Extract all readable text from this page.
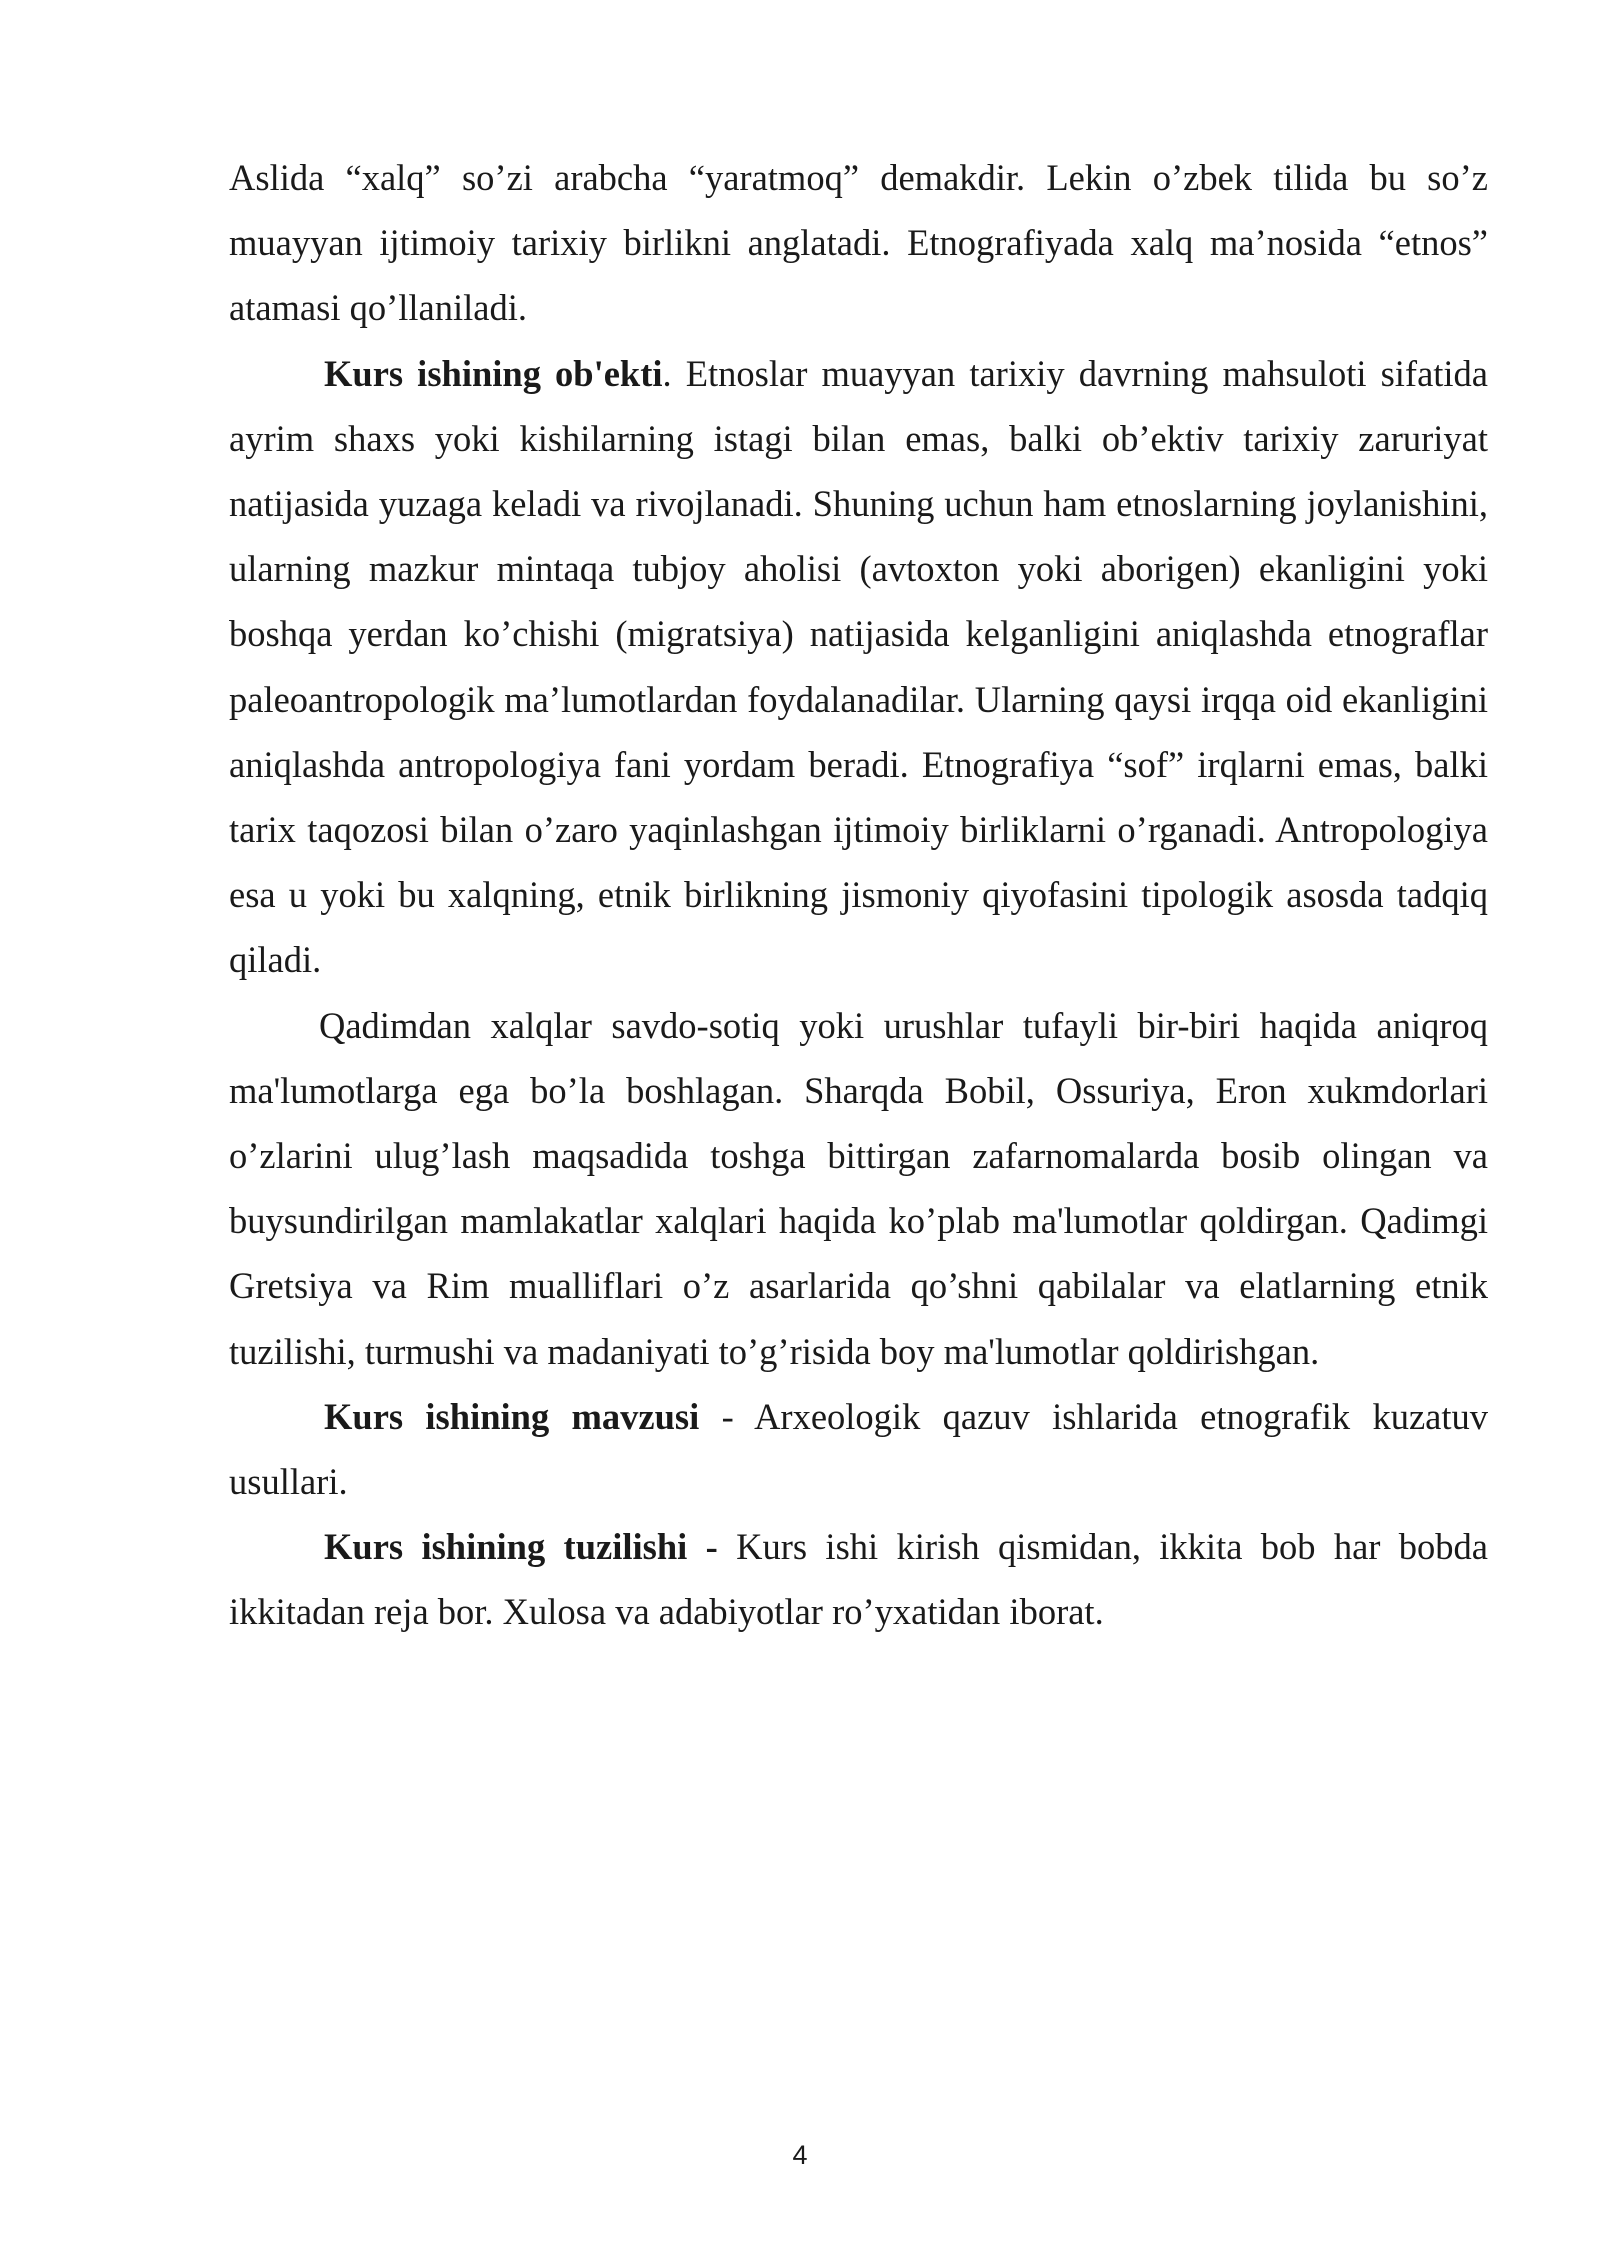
Aslida “xalq” so’zi arabcha “yaratmoq” demakdir. Lekin o’zbek tilida bu so’z muayyan ijtimoiy tarixiy birlikni anglatadi. Etnografiyada xalq ma’nosida “etnos” atamasi qo’llaniladi.

Kurs ishining ob'ekti. Etnoslar muayyan tarixiy davrning mahsuloti sifatida ayrim shaxs yoki kishilarning istagi bilan emas, balki ob’ektiv tarixiy zaruriyat natijasida yuzaga keladi va rivojlanadi. Shuning uchun ham etnoslarning joylanishini, ularning mazkur mintaqa tubjoy aholisi (avtoxton yoki aborigen) ekanligini yoki boshqa yerdan ko’chishi (migratsiya) natijasida kelganligini aniqlashda etnograflar paleoantropologik ma’lumotlardan foydalanadilar. Ularning qaysi irqqa oid ekanligini aniqlashda antropologiya fani yordam beradi. Etnografiya “sof” irqlarni emas, balki tarix taqozosi bilan o’zaro yaqinlashgan ijtimoiy birliklarni o’rganadi. Antropologiya esa u yoki bu xalqning, etnik birlikning jismoniy qiyofasini tipologik asosda tadqiq qiladi.

Qadimdan xalqlar savdo-sotiq yoki urushlar tufayli bir-biri haqida aniqroq ma'lumotlarga ega bo’la boshlagan. Sharqda Bobil, Ossuriya, Eron xukmdorlari o’zlarini ulug’lash maqsadida toshga bittirgan zafarnomalarda bosib olingan va buysundirilgan mamlakatlar xalqlari haqida ko’plab ma'lumotlar qoldirgan. Qadimgi Gretsiya va Rim mualliflari o’z asarlarida qo’shni qabilalar va elatlarning etnik tuzilishi, turmushi va madaniyati to’g’risida boy ma'lumotlar qoldirishgan.

Kurs ishining mavzusi - Arxeologik qazuv ishlarida etnografik kuzatuv usullari.

Kurs ishining tuzilishi - Kurs ishi kirish qismidan, ikkita bob har bobda ikkitadan reja bor. Xulosa va adabiyotlar ro’yxatidan iborat.

4
